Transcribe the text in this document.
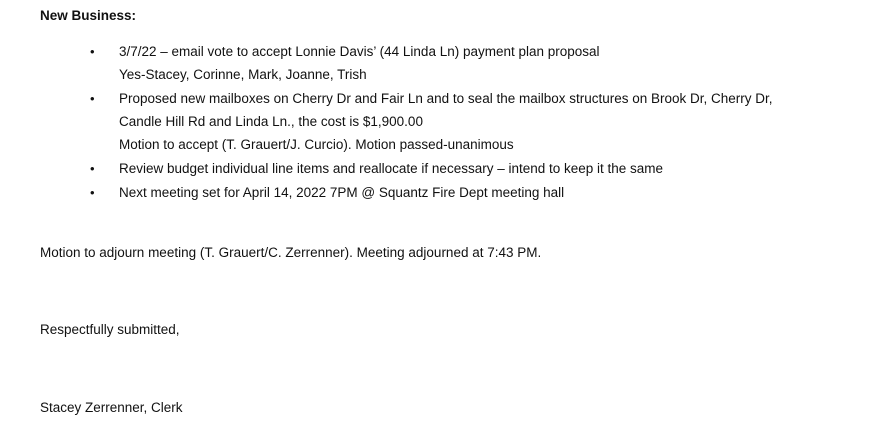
New Business:
•	3/7/22 – email vote to accept Lonnie Davis’ (44 Linda Ln) payment plan proposal
Yes-Stacey, Corinne, Mark, Joanne, Trish
•	Proposed new mailboxes on Cherry Dr and Fair Ln and to seal the mailbox structures on Brook Dr, Cherry Dr,
Candle Hill Rd and Linda Ln., the cost is $1,900.00
Motion to accept (T. Grauert/J. Curcio). Motion passed-unanimous
•	Review budget individual line items and reallocate if necessary – intend to keep it the same
•	Next meeting set for April 14, 2022 7PM @ Squantz Fire Dept meeting hall
Motion to adjourn meeting (T. Grauert/C. Zerrenner). Meeting adjourned at 7:43 PM.
Respectfully submitted,
Stacey Zerrenner, Clerk
